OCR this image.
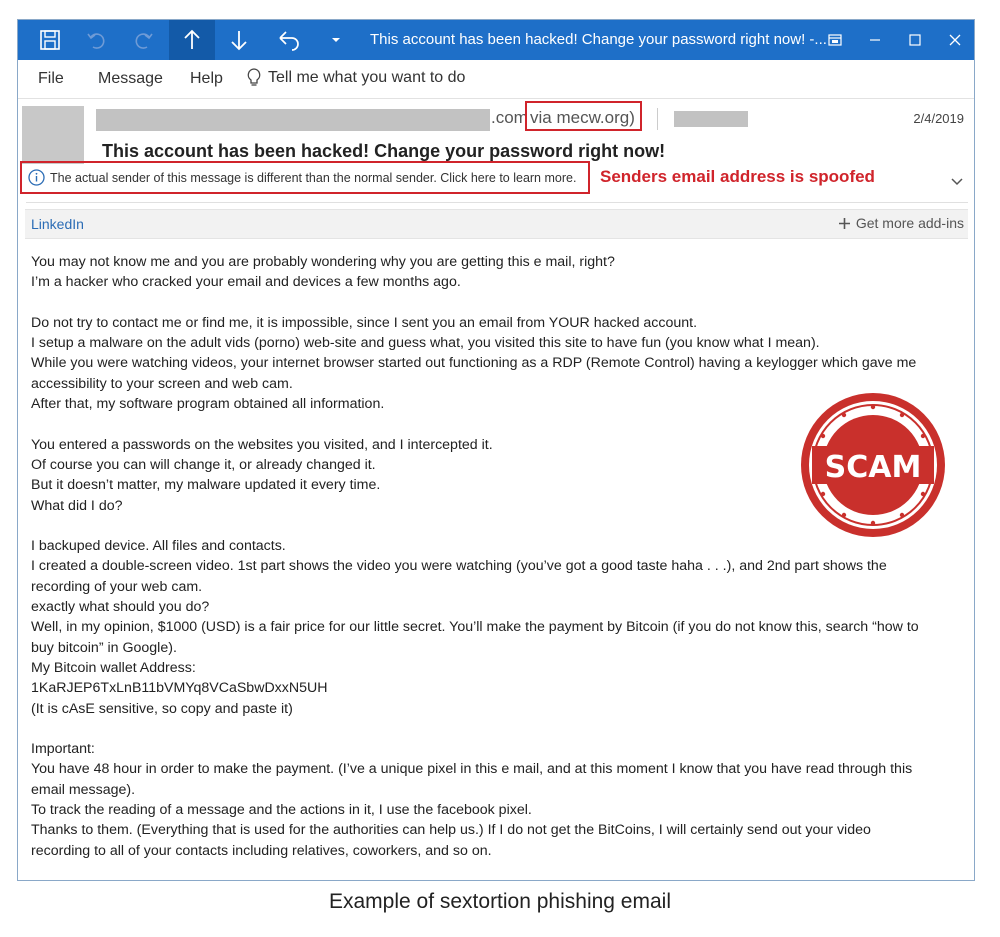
This account has been hacked! Change your password right now! -...
File Message Help	Tell me what you want to do
.com via mecw.org)	2/4/2019
This account has been hacked! Change your password right now!
The actual sender of this message is different than the normal sender. Click here to learn more. Senders email address is spoofed
LinkedIn	Get more add-ins

You may not know me and you are probably wondering why you are getting this e mail, right?
I’m a hacker who cracked your email and devices a few months ago.

Do not try to contact me or find me, it is impossible, since I sent you an email from YOUR hacked account.
I setup a malware on the adult vids (porno) web-site and guess what, you visited this site to have fun (you know what I mean).
While you were watching videos, your internet browser started out functioning as a RDP (Remote Control) having a keylogger which gave me
accessibility to your screen and web cam.
After that, my software program obtained all information.

You entered a passwords on the websites you visited, and I intercepted it.
Of course you can will change it, or already changed it.
But it doesn’t matter, my malware updated it every time.
What did I do?

I backuped device. All files and contacts.
I created a double-screen video. 1st part shows the video you were watching (you’ve got a good taste haha . . .), and 2nd part shows the
recording of your web cam.
exactly what should you do?
Well, in my opinion, $1000 (USD) is a fair price for our little secret. You’ll make the payment by Bitcoin (if you do not know this, search “how to
buy bitcoin” in Google).
My Bitcoin wallet Address:
1KaRJEP6TxLnB11bVMYq8VCaSbwDxxN5UH
(It is cAsE sensitive, so copy and paste it)

Important:
You have 48 hour in order to make the payment. (I’ve a unique pixel in this e mail, and at this moment I know that you have read through this
email message).
To track the reading of a message and the actions in it, I use the facebook pixel.
Thanks to them. (Everything that is used for the authorities can help us.) If I do not get the BitCoins, I will certainly send out your video
recording to all of your contacts including relatives, coworkers, and so on.

SCAM
Example of sextortion phishing email
